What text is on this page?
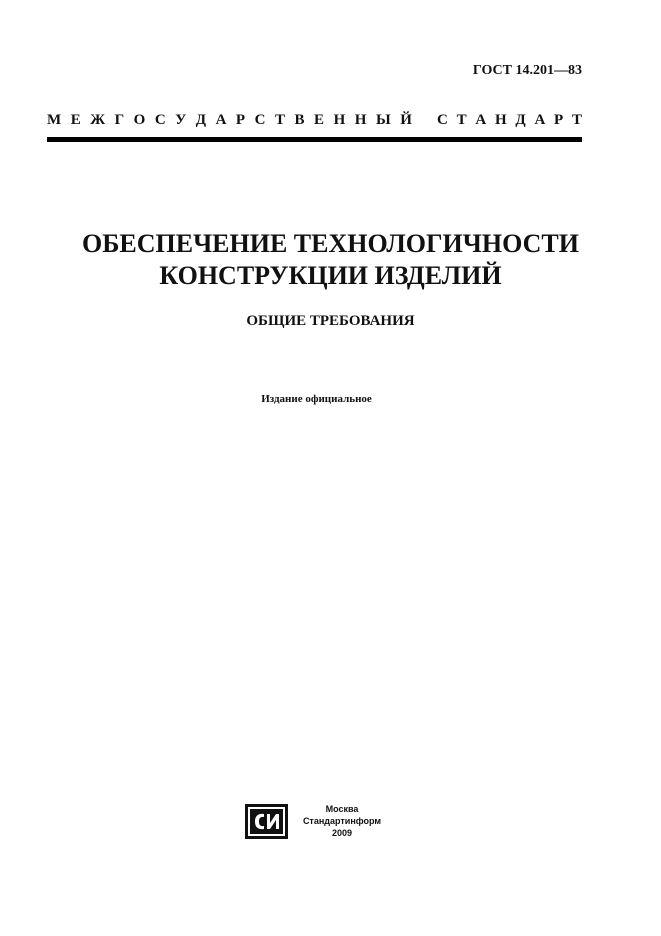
ГОСТ 14.201—83
М Е Ж Г О С У Д А Р С Т В Е Н Н Ы Й С Т А Н Д А Р Т
ОБЕСПЕЧЕНИЕ ТЕХНОЛОГИЧНОСТИ
КОНСТРУКЦИИ ИЗДЕЛИЙ
ОБЩИЕ ТРЕБОВАНИЯ
Издание официальное
Москва
Стандартинформ
2009
